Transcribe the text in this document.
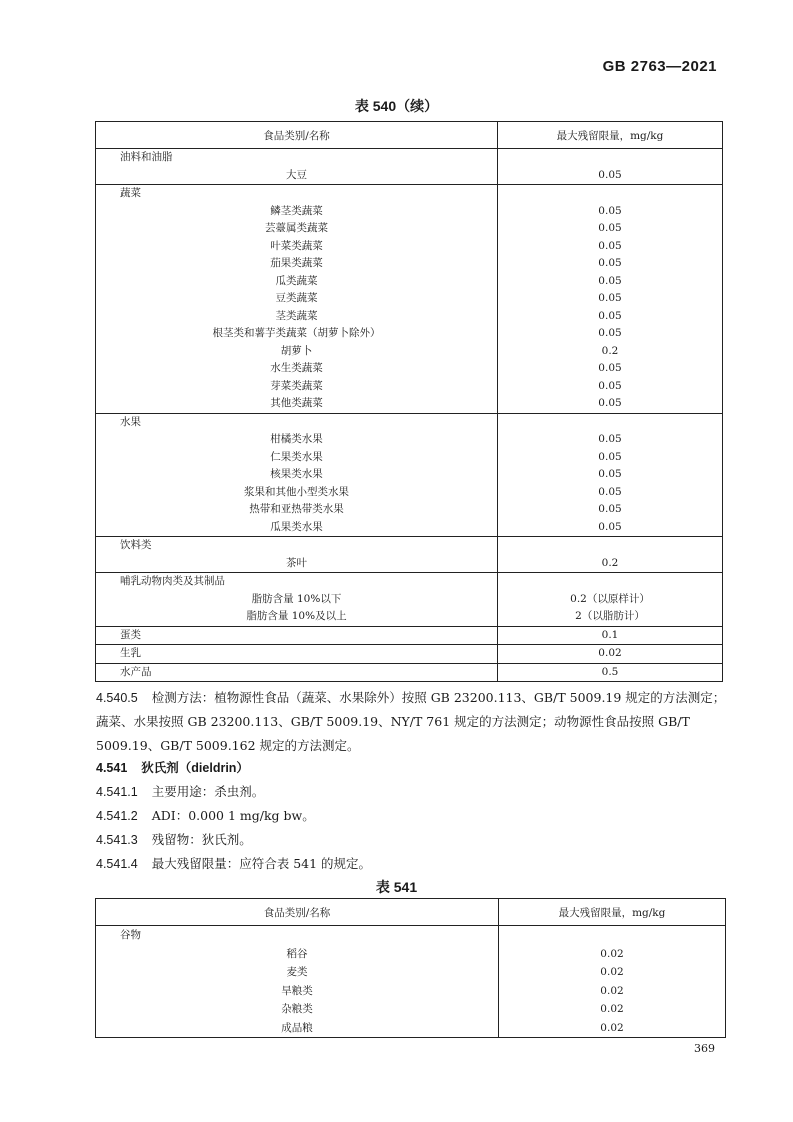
GB 2763—2021
表 540（续）
食品类别/名称	最大残留限量，mg/kg
油料和油脂	
大豆	0.05
蔬菜	
鳞茎类蔬菜	0.05
芸薹属类蔬菜	0.05
叶菜类蔬菜	0.05
茄果类蔬菜	0.05
瓜类蔬菜	0.05
豆类蔬菜	0.05
茎类蔬菜	0.05
根茎类和薯芋类蔬菜（胡萝卜除外）	0.05
胡萝卜	0.2
水生类蔬菜	0.05
芽菜类蔬菜	0.05
其他类蔬菜	0.05
水果	
柑橘类水果	0.05
仁果类水果	0.05
核果类水果	0.05
浆果和其他小型类水果	0.05
热带和亚热带类水果	0.05
瓜果类水果	0.05
饮料类	
茶叶	0.2
哺乳动物肉类及其制品	
脂肪含量 10%以下	0.2（以原样计）
脂肪含量 10%及以上	2（以脂肪计）
蛋类	0.1
生乳	0.02
水产品	0.5
4.540.5 检测方法：植物源性食品（蔬菜、水果除外）按照 GB 23200.113、GB/T 5009.19 规定的方法测定；蔬菜、水果按照 GB 23200.113、GB/T 5009.19、NY/T 761 规定的方法测定；动物源性食品按照 GB/T 5009.19、GB/T 5009.162 规定的方法测定。
4.541 狄氏剂（dieldrin）
4.541.1 主要用途：杀虫剂。
4.541.2 ADI：0.000 1 mg/kg bw。
4.541.3 残留物：狄氏剂。
4.541.4 最大残留限量：应符合表 541 的规定。
表 541
食品类别/名称	最大残留限量，mg/kg
谷物	
稻谷	0.02
麦类	0.02
旱粮类	0.02
杂粮类	0.02
成品粮	0.02
369
